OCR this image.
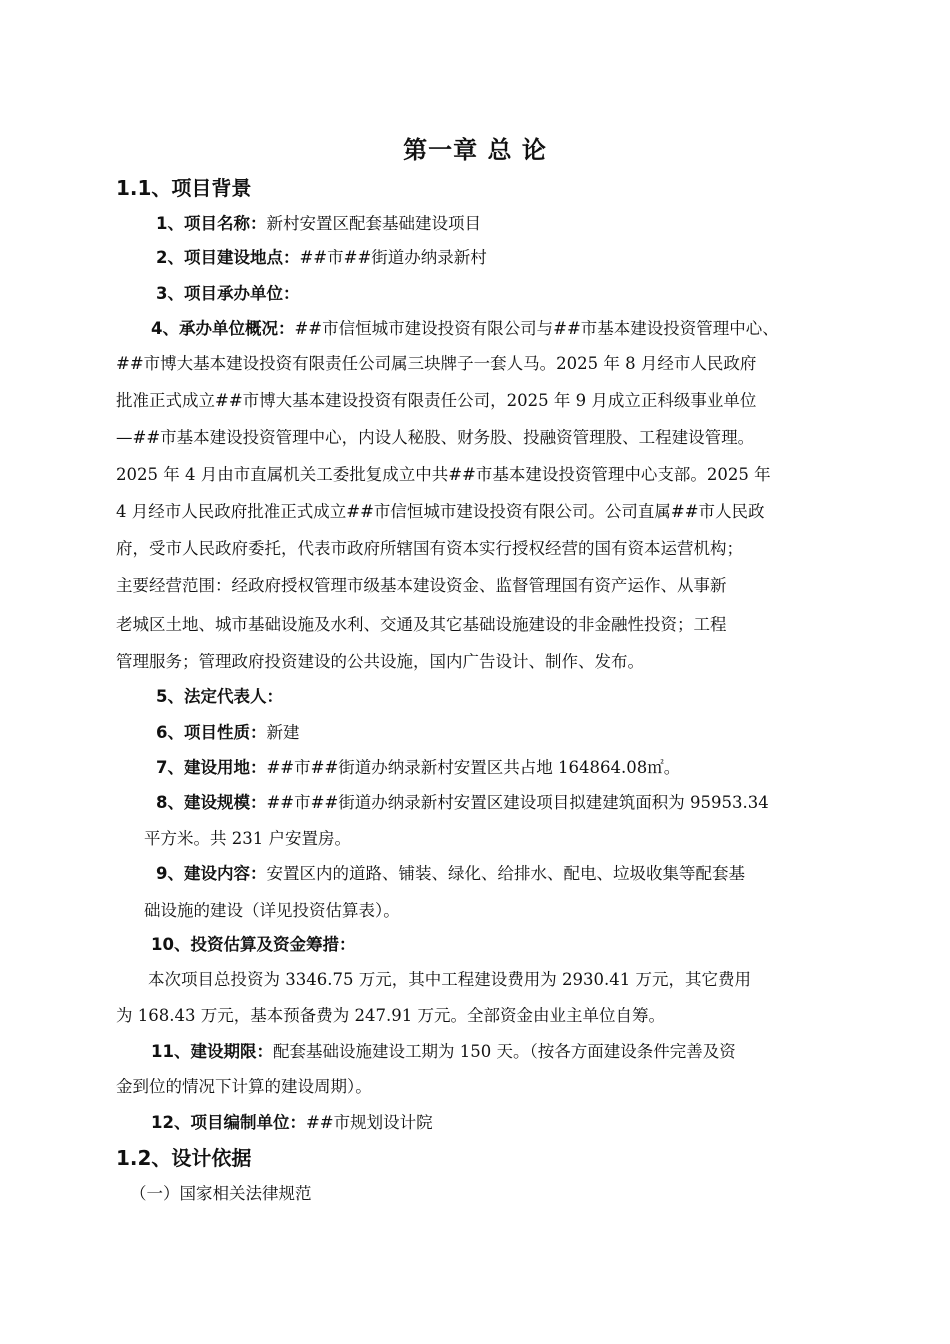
第一章 总 论
1.1、项目背景
1、项目名称：新村安置区配套基础建设项目
2、项目建设地点：##市##街道办纳录新村
3、项目承办单位：
4、承办单位概况：##市信恒城市建设投资有限公司与##市基本建设投资管理中心、
##市博大基本建设投资有限责任公司属三块牌子一套人马。2025 年 8 月经市人民政府
批准正式成立##市博大基本建设投资有限责任公司，2025 年 9 月成立正科级事业单位
—##市基本建设投资管理中心，内设人秘股、财务股、投融资管理股、工程建设管理。
2025 年 4 月由市直属机关工委批复成立中共##市基本建设投资管理中心支部。2025 年
4 月经市人民政府批准正式成立##市信恒城市建设投资有限公司。公司直属##市人民政
府，受市人民政府委托，代表市政府所辖国有资本实行授权经营的国有资本运营机构；
主要经营范围：经政府授权管理市级基本建设资金、监督管理国有资产运作、从事新
老城区土地、城市基础设施及水利、交通及其它基础设施建设的非金融性投资；工程
管理服务；管理政府投资建设的公共设施，国内广告设计、制作、发布。
5、法定代表人：
6、项目性质：新建
7、建设用地：##市##街道办纳录新村安置区共占地 164864.08㎡。
8、建设规模：##市##街道办纳录新村安置区建设项目拟建建筑面积为 95953.34
平方米。共 231 户安置房。
9、建设内容：安置区内的道路、铺装、绿化、给排水、配电、垃圾收集等配套基
础设施的建设（详见投资估算表）。
10、投资估算及资金筹措：
本次项目总投资为 3346.75 万元，其中工程建设费用为 2930.41 万元，其它费用
为 168.43 万元，基本预备费为 247.91 万元。全部资金由业主单位自筹。
11、建设期限：配套基础设施建设工期为 150 天。（按各方面建设条件完善及资
金到位的情况下计算的建设周期）。
12、项目编制单位：##市规划设计院
1.2、设计依据
（一）国家相关法律规范
